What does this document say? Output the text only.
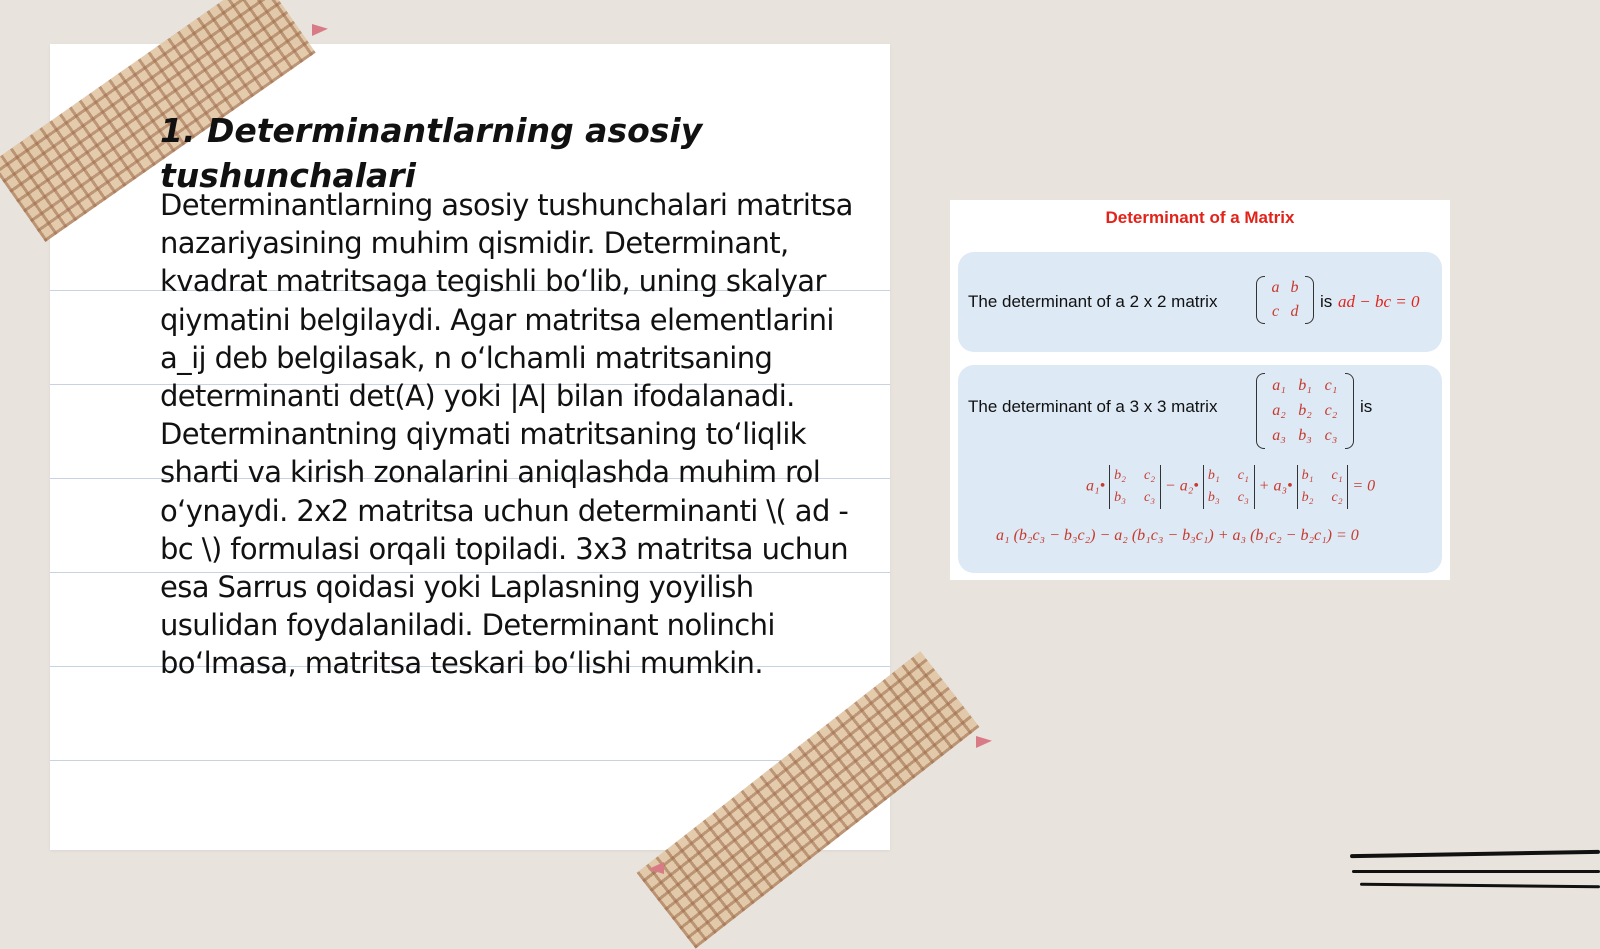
1. Determinantlarning asosiy tushunchalari

Determinantlarning asosiy tushunchalari matritsa nazariyasining muhim qismidir. Determinant, kvadrat matritsaga tegishli bo‘lib, uning skalyar qiymatini belgilaydi. Agar matritsa elementlarini a_ij deb belgilasak, n o‘lchamli matritsaning determinanti det(A) yoki |A| bilan ifodalanadi. Determinantning qiymati matritsaning to‘liqlik sharti va kirish zonalarini aniqlashda muhim rol o‘ynaydi. 2x2 matritsa uchun determinanti \( ad - bc \) formulasi orqali topiladi. 3x3 matritsa uchun esa Sarrus qoidasi yoki Laplasning yoyilish usulidan foydalaniladi. Determinant nolinchi bo‘lmasa, matritsa teskari bo‘lishi mumkin.

Determinant of a Matrix
The determinant of a 2 x 2 matrix
a b
c d
is ad − bc = 0
The determinant of a 3 x 3 matrix
a₁ b₁ c₁
a₂ b₂ c₂
a₃ b₃ c₃
is
a₁•
b₂ c₂
b₃ c₃
− a₂•
b₁ c₁
b₃ c₃
+ a₃•
b₁ c₁
b₂ c₂
= 0
a₁ (b₂c₃ − b₃c₂) − a₂ (b₁c₃ − b₃c₁) + a₃ (b₁c₂ − b₂c₁) = 0
